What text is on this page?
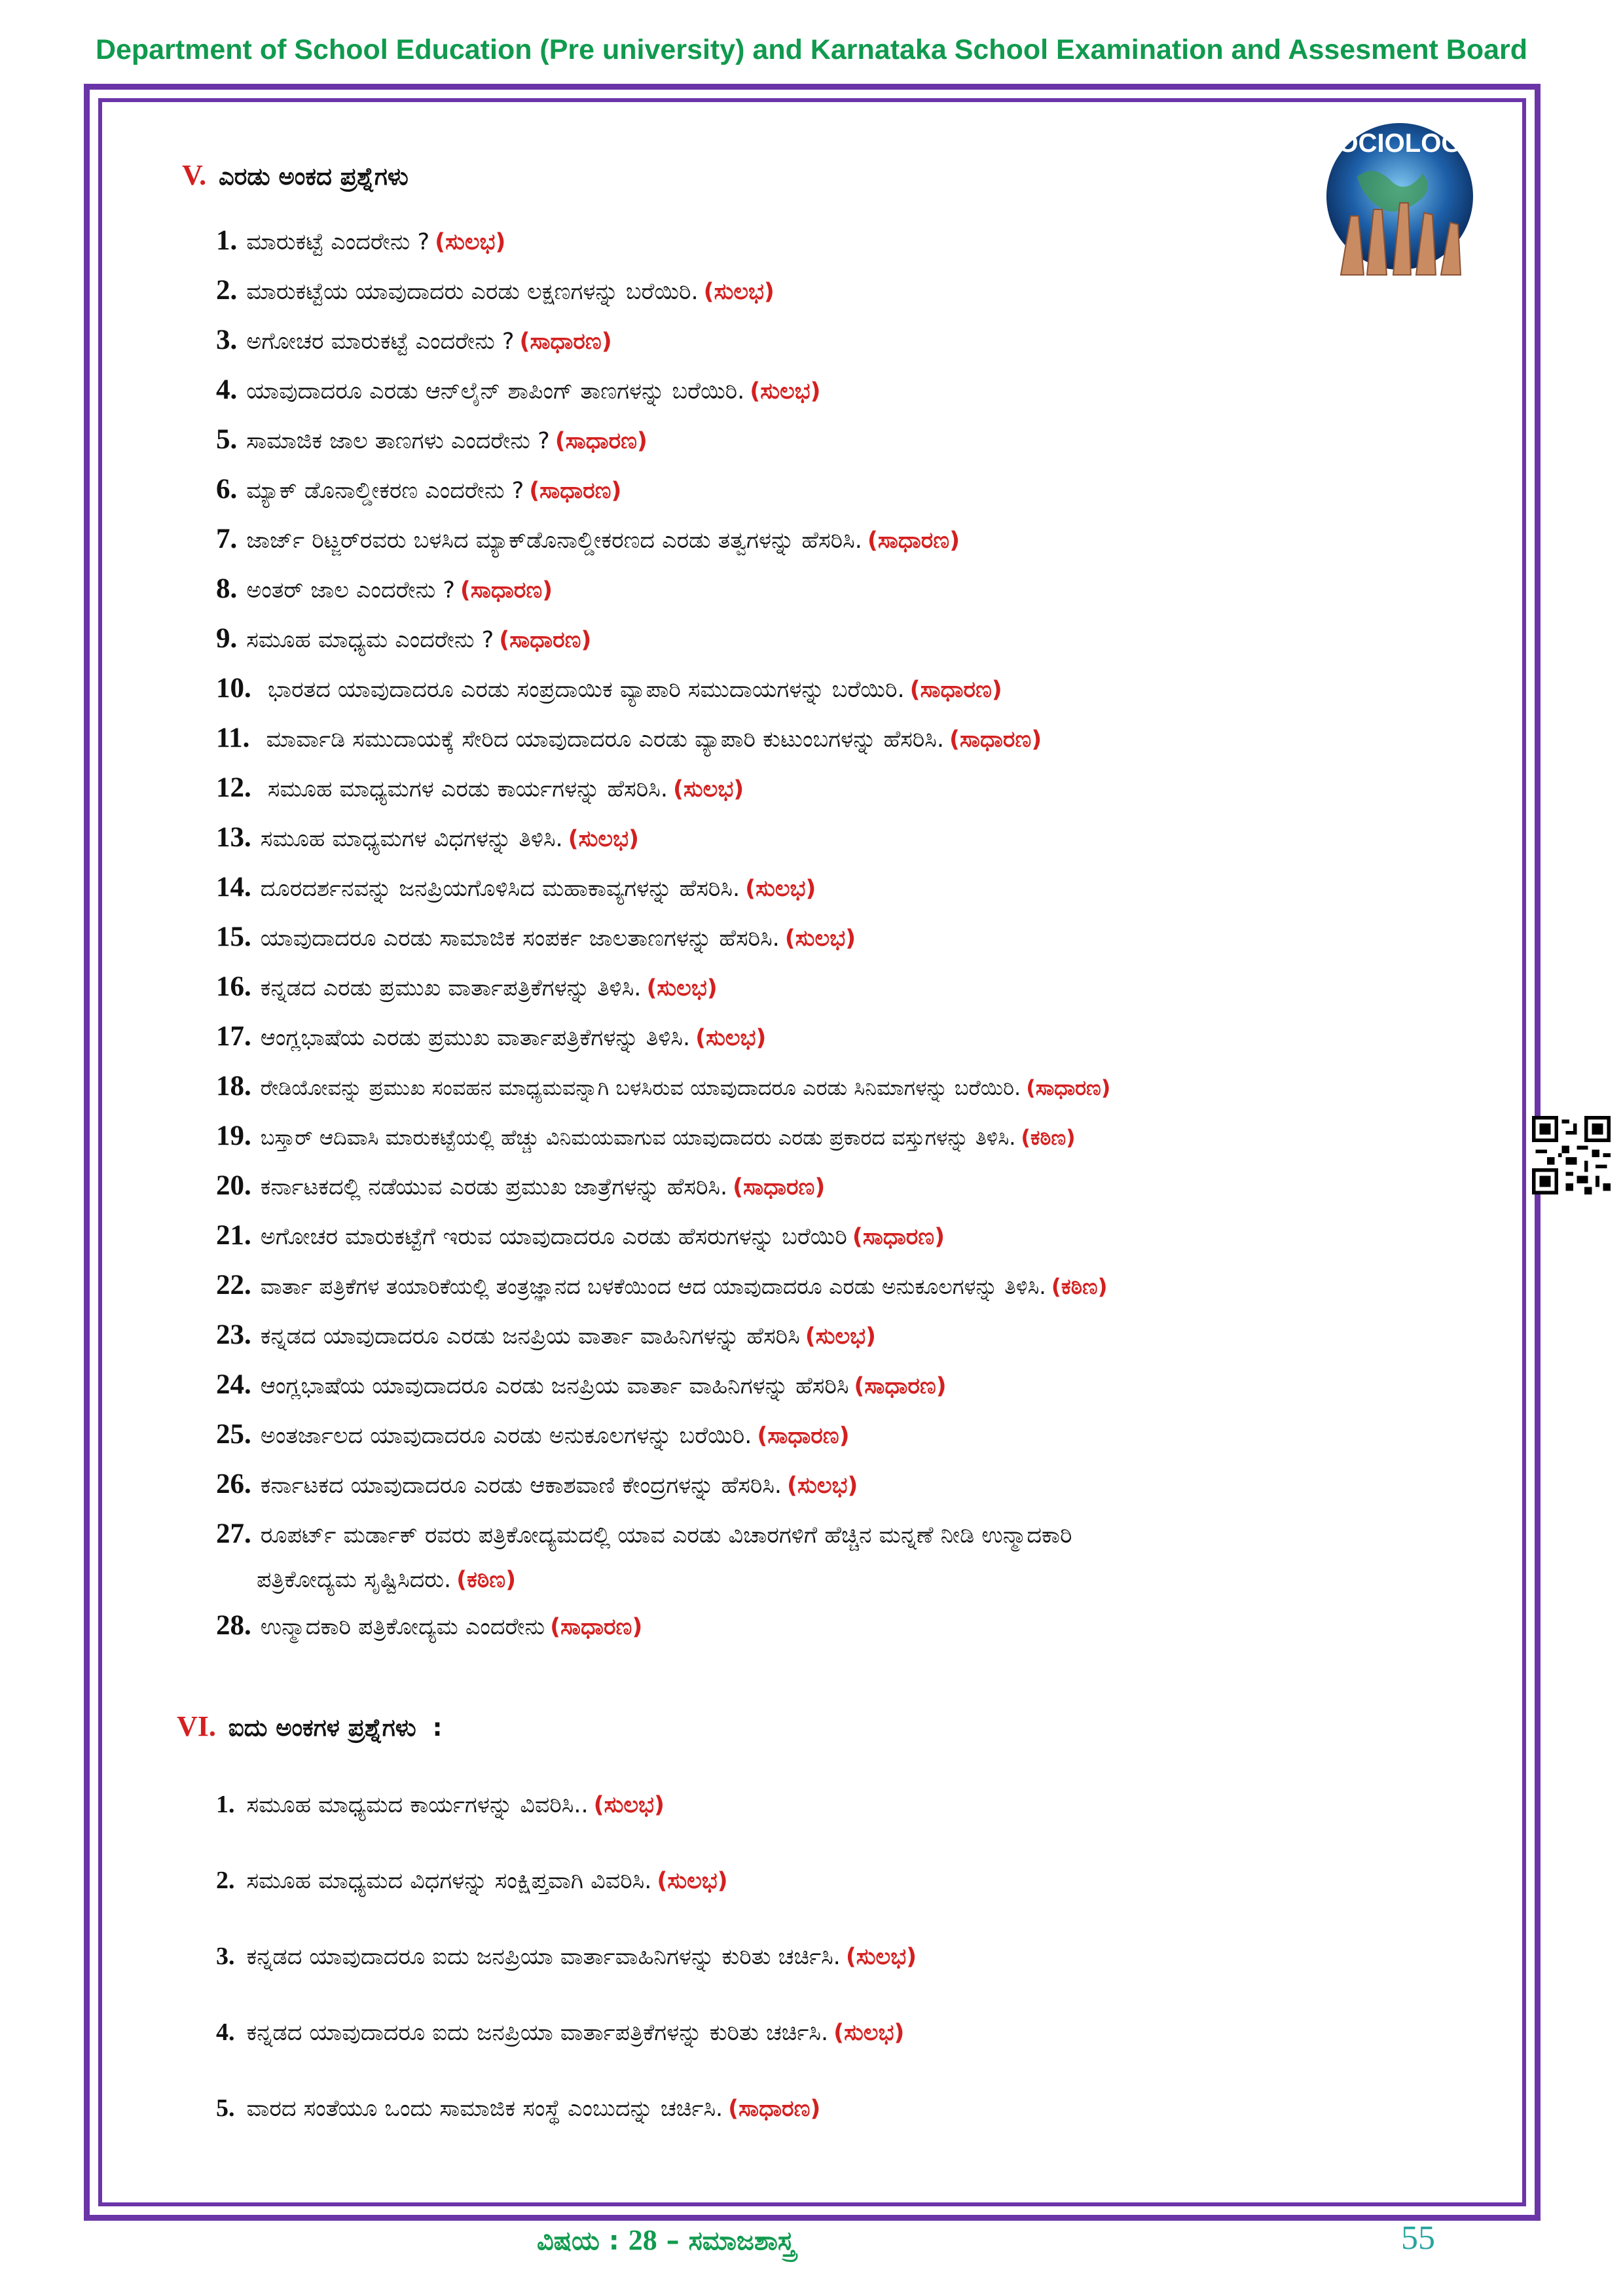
Department of School Education (Pre university) and Karnataka School Examination and Assesment Board
SOCIOLOGY
V. ಎರಡು ಅಂಕದ ಪ್ರಶ್ನೆಗಳು
1. ಮಾರುಕಟ್ಟೆ ಎಂದರೇನು ? (ಸುಲಭ)
2. ಮಾರುಕಟ್ಟೆಯ ಯಾವುದಾದರು ಎರಡು ಲಕ್ಷಣಗಳನ್ನು ಬರೆಯಿರಿ. (ಸುಲಭ)
3. ಅಗೋಚರ ಮಾರುಕಟ್ಟೆ ಎಂದರೇನು ? (ಸಾಧಾರಣ)
4. ಯಾವುದಾದರೂ ಎರಡು ಆನ್‌ಲೈನ್ ಶಾಪಿಂಗ್ ತಾಣಗಳನ್ನು ಬರೆಯಿರಿ. (ಸುಲಭ)
5. ಸಾಮಾಜಿಕ ಜಾಲ ತಾಣಗಳು ಎಂದರೇನು ? (ಸಾಧಾರಣ)
6. ಮ್ಯಾಕ್ ಡೊನಾಲ್ಡೀಕರಣ ಎಂದರೇನು ? (ಸಾಧಾರಣ)
7. ಜಾರ್ಜ್ ರಿಟ್ಜರ್‌ರವರು ಬಳಸಿದ ಮ್ಯಾಕ್‌ಡೊನಾಲ್ಡೀಕರಣದ ಎರಡು ತತ್ವಗಳನ್ನು ಹೆಸರಿಸಿ. (ಸಾಧಾರಣ)
8. ಅಂತರ್ ಜಾಲ ಎಂದರೇನು ? (ಸಾಧಾರಣ)
9. ಸಮೂಹ ಮಾಧ್ಯಮ ಎಂದರೇನು ? (ಸಾಧಾರಣ)
10. ಭಾರತದ ಯಾವುದಾದರೂ ಎರಡು ಸಂಪ್ರದಾಯಿಕ ವ್ಯಾಪಾರಿ ಸಮುದಾಯಗಳನ್ನು ಬರೆಯಿರಿ. (ಸಾಧಾರಣ)
11. ಮಾರ್ವಾಡಿ ಸಮುದಾಯಕ್ಕೆ ಸೇರಿದ ಯಾವುದಾದರೂ ಎರಡು ವ್ಯಾಪಾರಿ ಕುಟುಂಬಗಳನ್ನು ಹೆಸರಿಸಿ. (ಸಾಧಾರಣ)
12. ಸಮೂಹ ಮಾಧ್ಯಮಗಳ ಎರಡು ಕಾರ್ಯಗಳನ್ನು ಹೆಸರಿಸಿ. (ಸುಲಭ)
13. ಸಮೂಹ ಮಾಧ್ಯಮಗಳ ವಿಧಗಳನ್ನು ತಿಳಿಸಿ. (ಸುಲಭ)
14. ದೂರದರ್ಶನವನ್ನು ಜನಪ್ರಿಯಗೊಳಿಸಿದ ಮಹಾಕಾವ್ಯಗಳನ್ನು ಹೆಸರಿಸಿ. (ಸುಲಭ)
15. ಯಾವುದಾದರೂ ಎರಡು ಸಾಮಾಜಿಕ ಸಂಪರ್ಕ ಜಾಲತಾಣಗಳನ್ನು ಹೆಸರಿಸಿ. (ಸುಲಭ)
16. ಕನ್ನಡದ ಎರಡು ಪ್ರಮುಖ ವಾರ್ತಾಪತ್ರಿಕೆಗಳನ್ನು ತಿಳಿಸಿ. (ಸುಲಭ)
17. ಆಂಗ್ಲಭಾಷೆಯ ಎರಡು ಪ್ರಮುಖ ವಾರ್ತಾಪತ್ರಿಕೆಗಳನ್ನು ತಿಳಿಸಿ. (ಸುಲಭ)
18. ರೇಡಿಯೋವನ್ನು ಪ್ರಮುಖ ಸಂವಹನ ಮಾಧ್ಯಮವನ್ನಾಗಿ ಬಳಸಿರುವ ಯಾವುದಾದರೂ ಎರಡು ಸಿನಿಮಾಗಳನ್ನು ಬರೆಯಿರಿ. (ಸಾಧಾರಣ)
19. ಬಸ್ತಾರ್ ಆದಿವಾಸಿ ಮಾರುಕಟ್ಟೆಯಲ್ಲಿ ಹೆಚ್ಚು ವಿನಿಮಯವಾಗುವ ಯಾವುದಾದರು ಎರಡು ಪ್ರಕಾರದ ವಸ್ತುಗಳನ್ನು ತಿಳಿಸಿ. (ಕಠಿಣ)
20. ಕರ್ನಾಟಕದಲ್ಲಿ ನಡೆಯುವ ಎರಡು ಪ್ರಮುಖ ಜಾತ್ರೆಗಳನ್ನು ಹೆಸರಿಸಿ. (ಸಾಧಾರಣ)
21. ಅಗೋಚರ ಮಾರುಕಟ್ಟೆಗೆ ಇರುವ ಯಾವುದಾದರೂ ಎರಡು ಹೆಸರುಗಳನ್ನು ಬರೆಯಿರಿ (ಸಾಧಾರಣ)
22. ವಾರ್ತಾ ಪತ್ರಿಕೆಗಳ ತಯಾರಿಕೆಯಲ್ಲಿ ತಂತ್ರಜ್ಞಾನದ ಬಳಕೆಯಿಂದ ಆದ ಯಾವುದಾದರೂ ಎರಡು ಅನುಕೂಲಗಳನ್ನು ತಿಳಿಸಿ. (ಕಠಿಣ)
23. ಕನ್ನಡದ ಯಾವುದಾದರೂ ಎರಡು ಜನಪ್ರಿಯ ವಾರ್ತಾ ವಾಹಿನಿಗಳನ್ನು ಹೆಸರಿಸಿ (ಸುಲಭ)
24. ಆಂಗ್ಲಭಾಷೆಯ ಯಾವುದಾದರೂ ಎರಡು ಜನಪ್ರಿಯ ವಾರ್ತಾ ವಾಹಿನಿಗಳನ್ನು ಹೆಸರಿಸಿ (ಸಾಧಾರಣ)
25. ಅಂತರ್ಜಾಲದ ಯಾವುದಾದರೂ ಎರಡು ಅನುಕೂಲಗಳನ್ನು ಬರೆಯಿರಿ. (ಸಾಧಾರಣ)
26. ಕರ್ನಾಟಕದ ಯಾವುದಾದರೂ ಎರಡು ಆಕಾಶವಾಣಿ ಕೇಂದ್ರಗಳನ್ನು ಹೆಸರಿಸಿ. (ಸುಲಭ)
27. ರೂಪರ್ಟ್ ಮರ್ಡಾಕ್ ರವರು ಪತ್ರಿಕೋದ್ಯಮದಲ್ಲಿ ಯಾವ ಎರಡು ವಿಚಾರಗಳಿಗೆ ಹೆಚ್ಚಿನ ಮನ್ನಣೆ ನೀಡಿ ಉನ್ಮಾದಕಾರಿ
ಪತ್ರಿಕೋದ್ಯಮ ಸೃಷ್ಟಿಸಿದರು. (ಕಠಿಣ)
28. ಉನ್ಮಾದಕಾರಿ ಪತ್ರಿಕೋದ್ಯಮ ಎಂದರೇನು (ಸಾಧಾರಣ)
VI. ಐದು ಅಂಕಗಳ ಪ್ರಶ್ನೆಗಳು :
1. ಸಮೂಹ ಮಾಧ್ಯಮದ ಕಾರ್ಯಗಳನ್ನು ವಿವರಿಸಿ.. (ಸುಲಭ)
2. ಸಮೂಹ ಮಾಧ್ಯಮದ ವಿಧಗಳನ್ನು ಸಂಕ್ಷಿಪ್ತವಾಗಿ ವಿವರಿಸಿ. (ಸುಲಭ)
3. ಕನ್ನಡದ ಯಾವುದಾದರೂ ಐದು ಜನಪ್ರಿಯಾ ವಾರ್ತಾವಾಹಿನಿಗಳನ್ನು ಕುರಿತು ಚರ್ಚಿಸಿ. (ಸುಲಭ)
4. ಕನ್ನಡದ ಯಾವುದಾದರೂ ಐದು ಜನಪ್ರಿಯಾ ವಾರ್ತಾಪತ್ರಿಕೆಗಳನ್ನು ಕುರಿತು ಚರ್ಚಿಸಿ. (ಸುಲಭ)
5. ವಾರದ ಸಂತೆಯೂ ಒಂದು ಸಾಮಾಜಿಕ ಸಂಸ್ಥೆ ಎಂಬುದನ್ನು ಚರ್ಚಿಸಿ. (ಸಾಧಾರಣ)
ವಿಷಯ : 28 – ಸಮಾಜಶಾಸ್ತ್ರ	55
